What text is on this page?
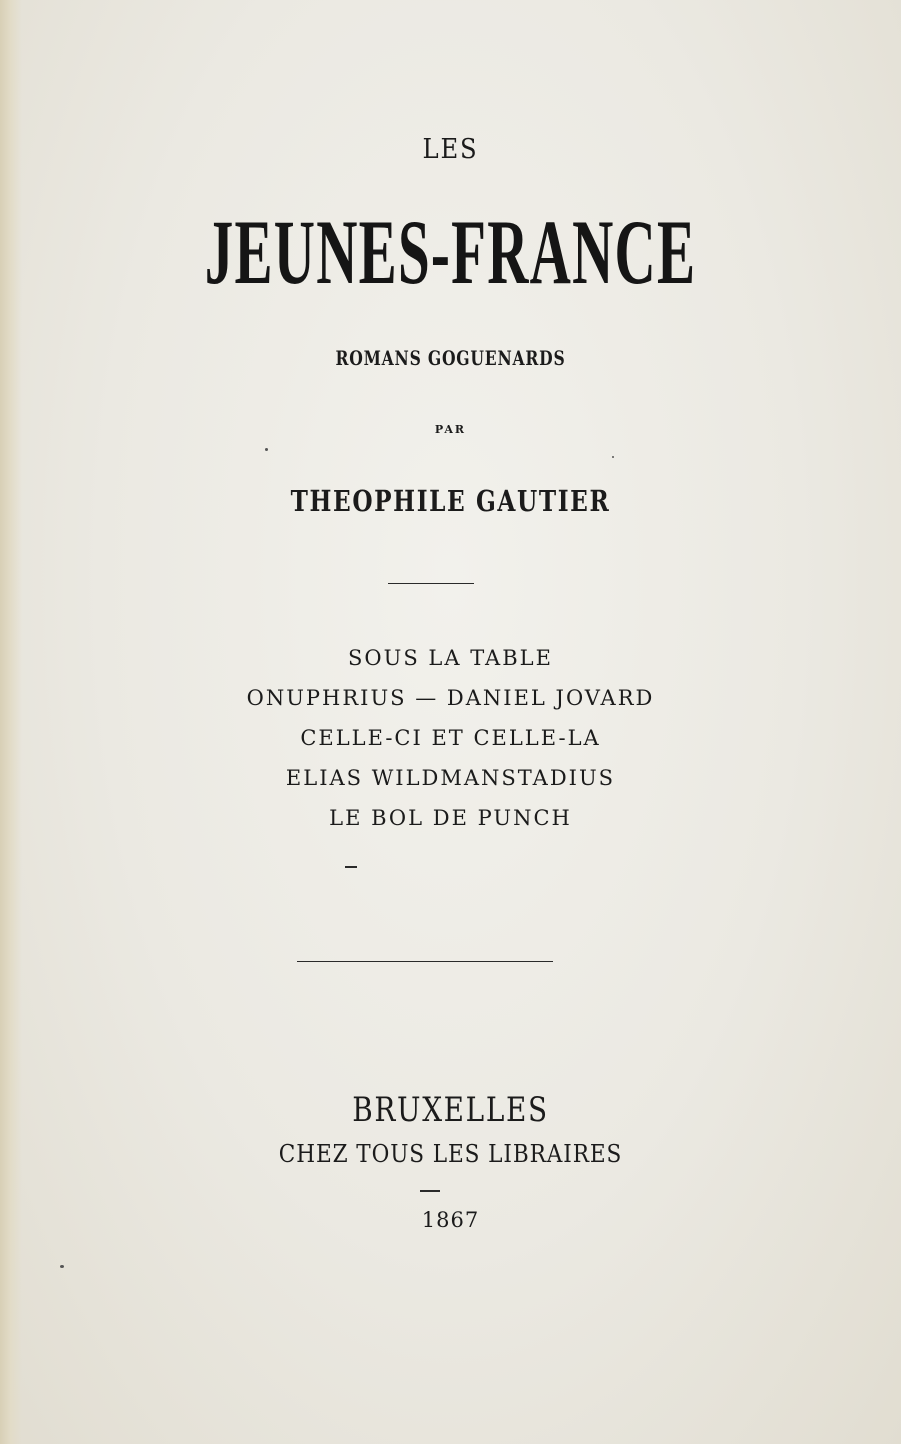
LES
JEUNES-FRANCE
ROMANS GOGUENARDS
PAR
THEOPHILE GAUTIER
SOUS LA TABLE
ONUPHRIUS — DANIEL JOVARD
CELLE-CI ET CELLE-LA
ELIAS WILDMANSTADIUS
LE BOL DE PUNCH
BRUXELLES
CHEZ TOUS LES LIBRAIRES
1867
